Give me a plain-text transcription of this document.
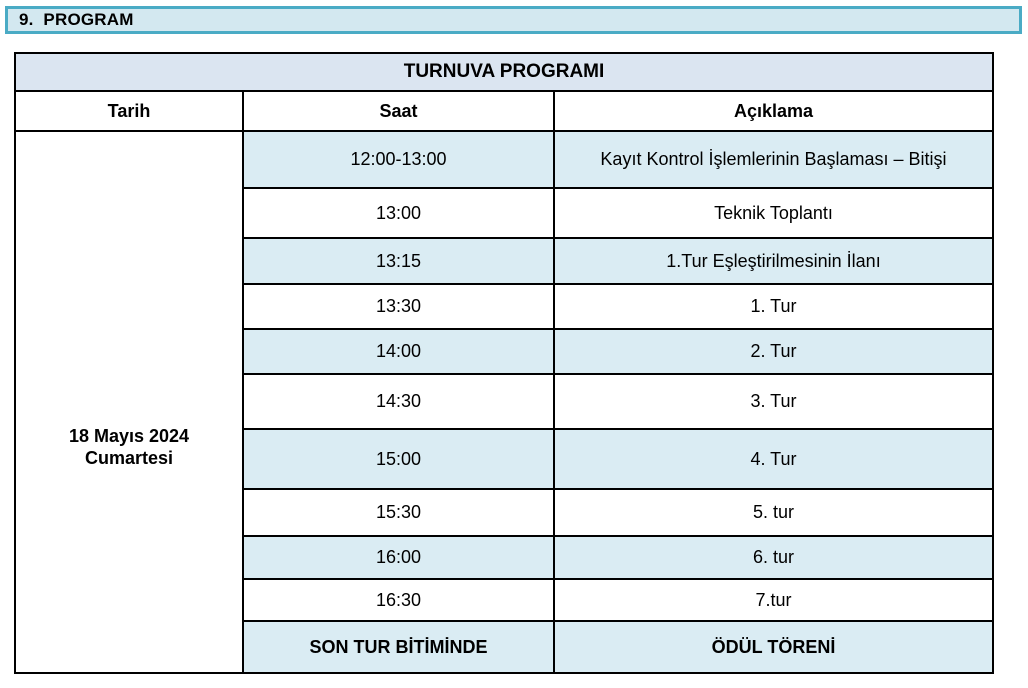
9.  PROGRAM
TURNUVA PROGRAMI		
Tarih	Saat	Açıklama

18 Mayıs 2024
Cumartesi	12:00-13:00	Kayıt Kontrol İşlemlerinin Başlaması – Bitişi
	13:00	Teknik Toplantı
	13:15	1.Tur Eşleştirilmesinin İlanı
	13:30	1. Tur
	14:00	2. Tur
	14:30	3. Tur
	15:00	4. Tur
	15:30	5. tur
	16:00	6. tur
	16:30	7.tur
	SON TUR BİTİMİNDE	ÖDÜL TÖRENİ
